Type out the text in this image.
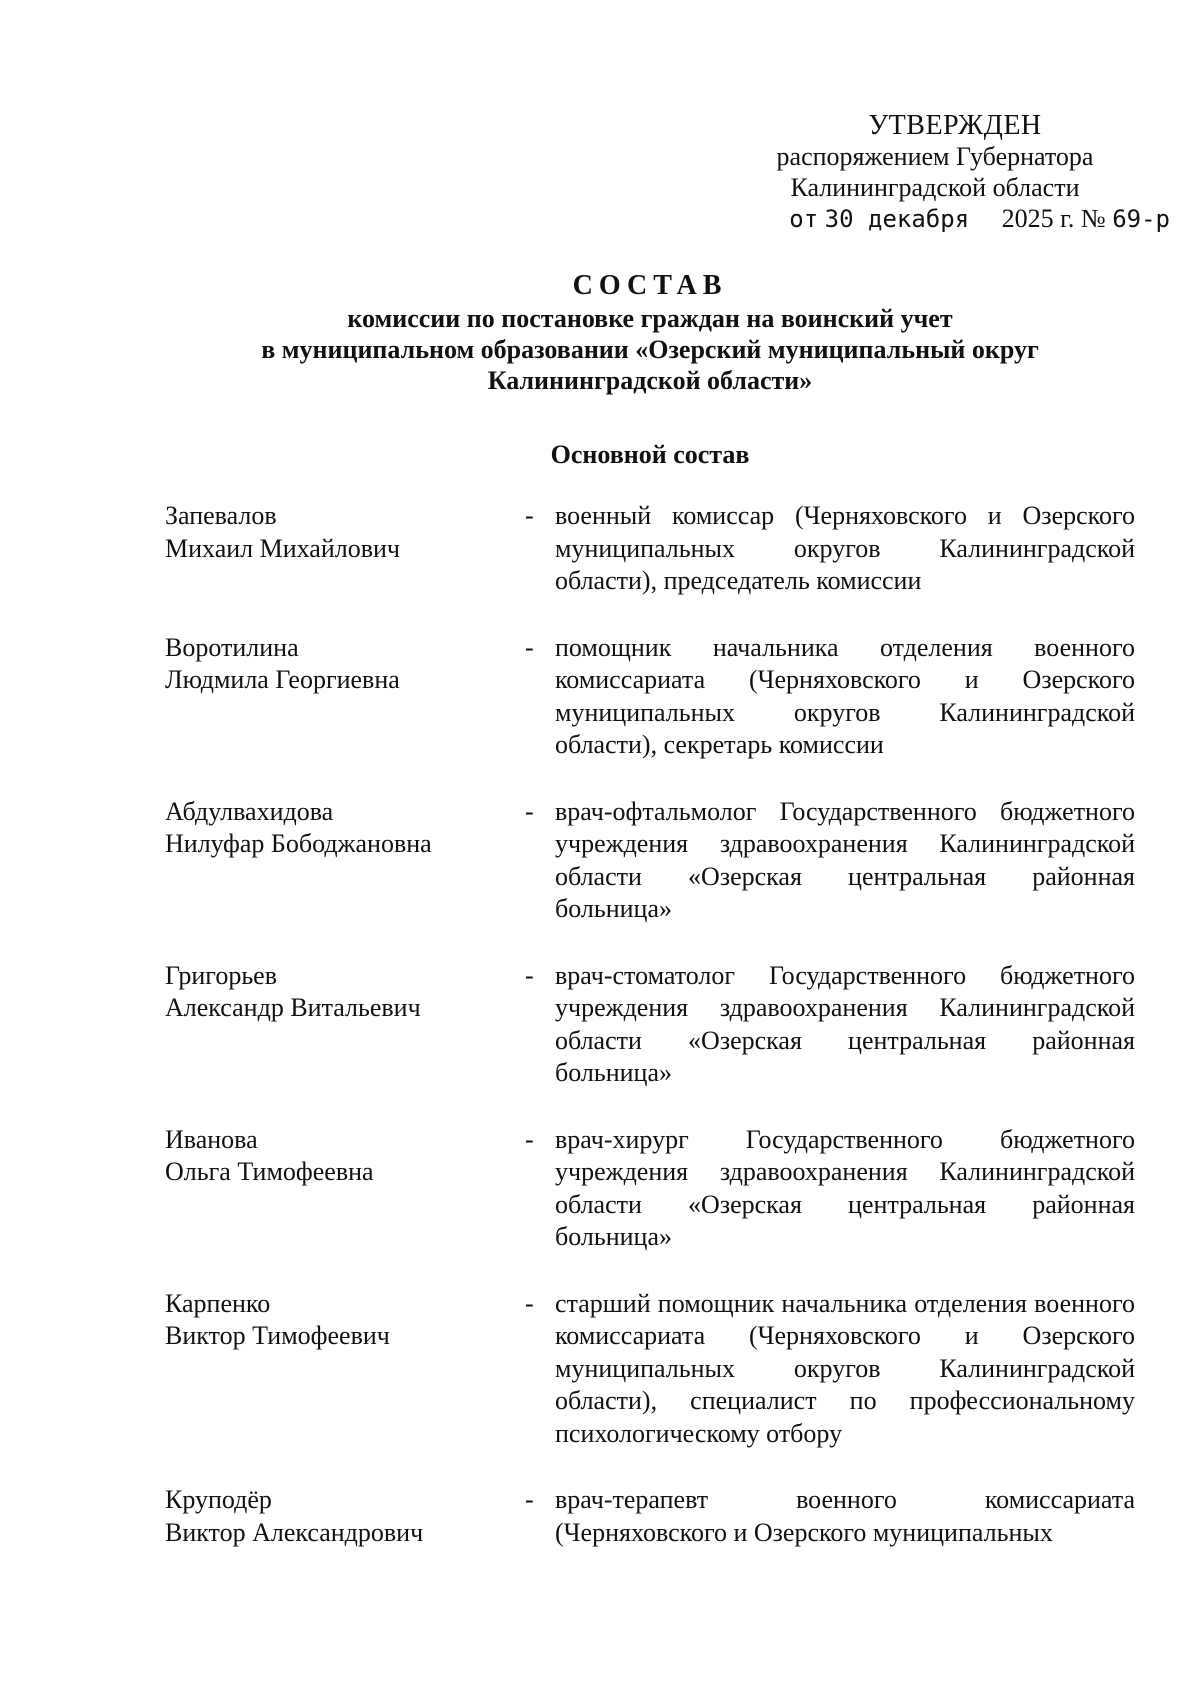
УТВЕРЖДЕН
распоряжением Губернатора
Калининградской области
от 30 декабря 2025 г. № 69-р
СОСТАВ
комиссии по постановке граждан на воинский учет
в муниципальном образовании «Озерский муниципальный округ
Калининградской области»
Основной состав
Запевалов
Михаил Михайлович
- военный комиссар (Черняховского и Озерского муниципальных округов Калининградской области), председатель комиссии
Воротилина
Людмила Георгиевна
- помощник начальника отделения военного комиссариата (Черняховского и Озерского муниципальных округов Калининградской области), секретарь комиссии
Абдулвахидова
Нилуфар Бободжановна
- врач-офтальмолог Государственного бюджетного учреждения здравоохранения Калининградской области «Озерская центральная районная больница»
Григорьев
Александр Витальевич
- врач-стоматолог Государственного бюджетного учреждения здравоохранения Калининградской области «Озерская центральная районная больница»
Иванова
Ольга Тимофеевна
- врач-хирург Государственного бюджетного учреждения здравоохранения Калининградской области «Озерская центральная районная больница»
Карпенко
Виктор Тимофеевич
- старший помощник начальника отделения военного комиссариата (Черняховского и Озерского муниципальных округов Калининградской области), специалист по профессиональному психологическому отбору
Круподёр
Виктор Александрович
- врач-терапевт военного комиссариата (Черняховского и Озерского муниципальных
